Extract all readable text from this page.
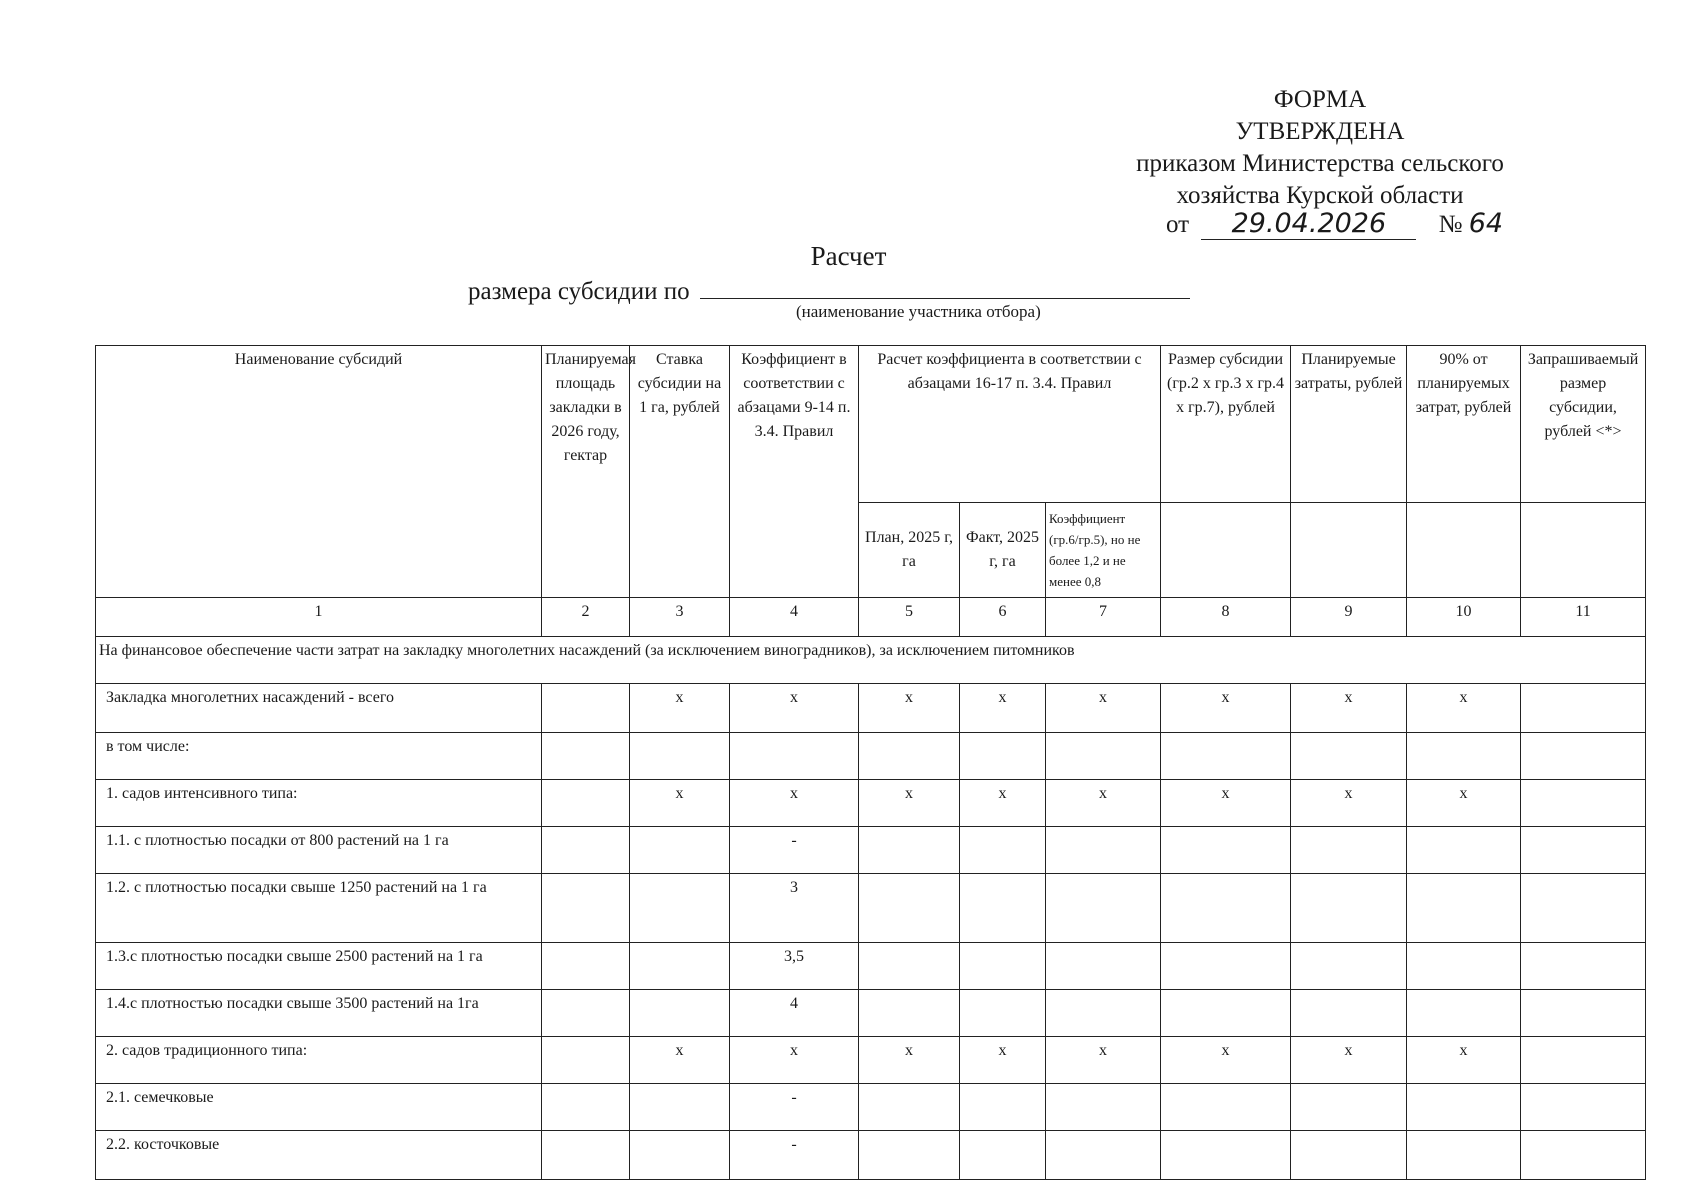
ФОРМА
УТВЕРЖДЕНА
приказом Министерства сельского
хозяйства Курской области
от 29.04.2026 № 64
Расчет
размера субсидии по
(наименование участника отбора)
Наименование субсидий	Планируемая площадь закладки в 2026 году, гектар	Ставка субсидии на 1 га, рублей	Коэффициент в соответствии с абзацами 9-14 п. 3.4. Правил	Расчет коэффициента в соответствии с абзацами 16-17 п. 3.4. Правил			Размер субсидии (гр.2 х гр.3 х гр.4 х гр.7), рублей	Планируемые затраты, рублей	90% от планируемых затрат, рублей	Запрашиваемый размер субсидии, рублей <*>
				План, 2025 г, га	Факт, 2025 г, га	Коэффициент (гр.6/гр.5), но не более 1,2 и не менее 0,8				
1	2	3	4	5	6	7	8	9	10	11
На финансовое обеспечение части затрат на закладку многолетних насаждений (за исключением виноградников), за исключением питомников										
Закладка многолетних насаждений - всего		х	х	х	х	х	х	х	х	
в том числе:										
1. садов интенсивного типа:		х	х	х	х	х	х	х	х	
1.1. с плотностью посадки от 800 растений на 1 га			-							
1.2. с плотностью посадки свыше 1250 растений на 1 га			3							
1.3.с плотностью посадки свыше 2500 растений на 1 га			3,5							
1.4.с плотностью посадки свыше 3500 растений на 1га			4							
2. садов традиционного типа:		х	х	х	х	х	х	х	х	
2.1. семечковые			-							
2.2. косточковые			-							
